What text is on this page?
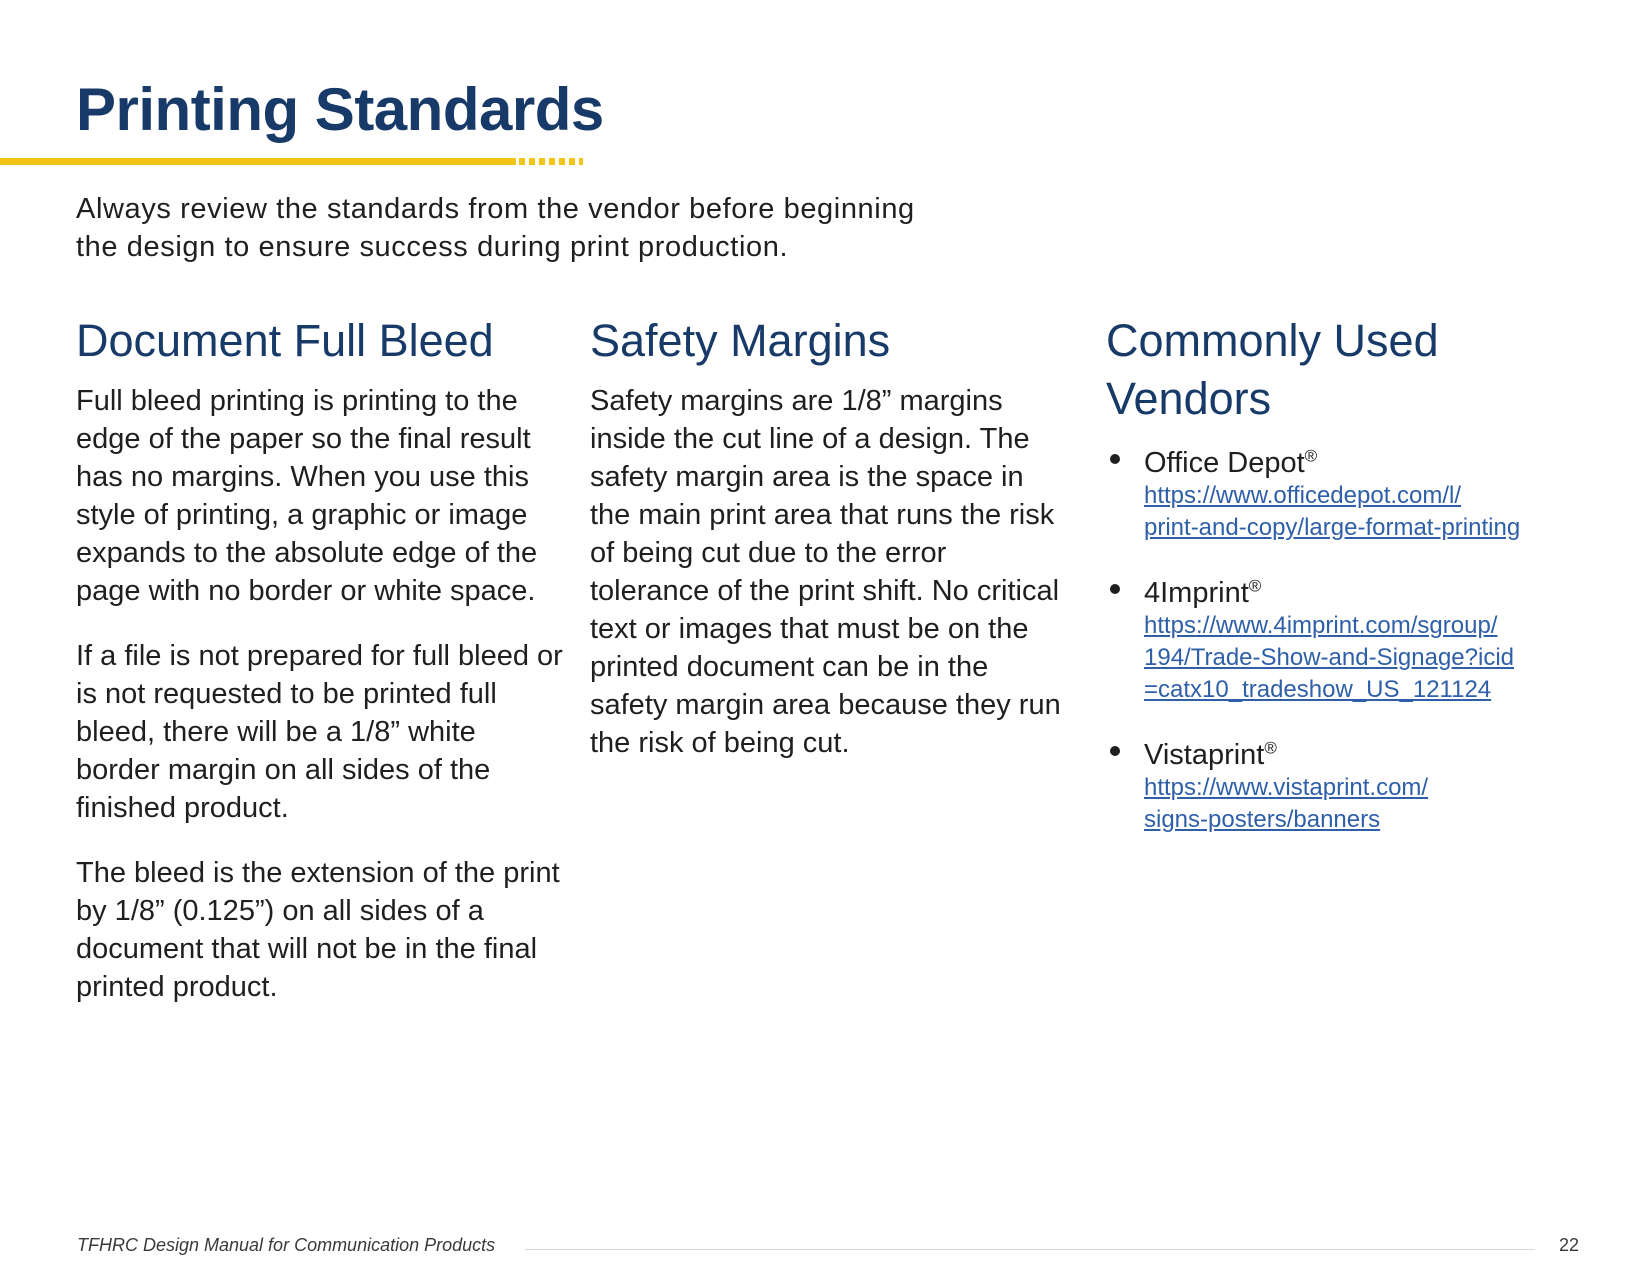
Printing Standards

Always review the standards from the vendor before beginning
the design to ensure success during print production.

Document Full Bleed

Full bleed printing is printing to the edge of the paper so the final result has no margins. When you use this style of printing, a graphic or image expands to the absolute edge of the page with no border or white space.

If a file is not prepared for full bleed or is not requested to be printed full bleed, there will be a 1/8” white border margin on all sides of the finished product.

The bleed is the extension of the print by 1/8” (0.125”) on all sides of a document that will not be in the final printed product.

Safety Margins

Safety margins are 1/8” margins inside the cut line of a design. The safety margin area is the space in the main print area that runs the risk of being cut due to the error tolerance of the print shift. No critical text or images that must be on the printed document can be in the safety margin area because they run the risk of being cut.

Commonly Used
Vendors
Office Depot®
https://www.officedepot.com/l/
print-and-copy/large-format-printing
4Imprint®
https://www.4imprint.com/sgroup/
194/Trade-Show-and-Signage?icid
=catx10_tradeshow_US_121124
Vistaprint®
https://www.vistaprint.com/
signs-posters/banners
TFHRC Design Manual for Communication Products	22
